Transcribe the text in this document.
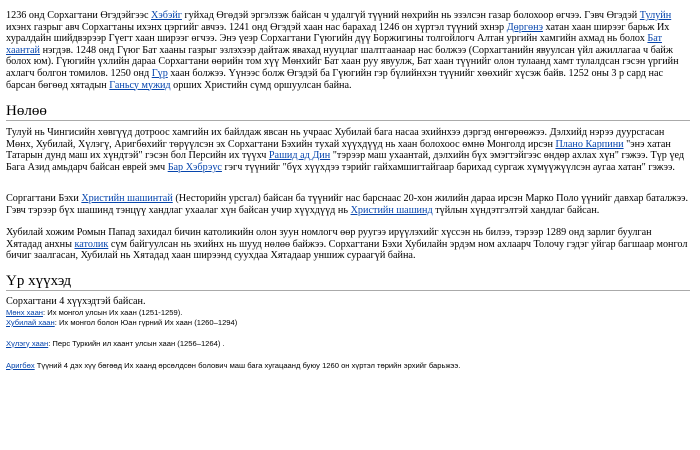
1236 онд Сорхагтани Өгэдэйгээс Хэбэйг гуйхад Өгөдэй эргэлзэж байсан ч удалгүй түүний нөхрийн нь эзэлсэн газар болохоор өгчээ. Гэвч Өгэдэй Тулуйн ихэнх газрыг авч Сорхагтаны ихэнх цэргийг авчээ. 1241 онд Өгэдэй хаан нас барахад 1246 он хүртэл түүний эхнэр Дөргөнэ хатан хаан ширээг барьж Их хуралдайн шийдвэрээр Гүегт хаан ширээг өгчээ. Энэ үеэр Сорхагтани Гүюгийн дүү Боржигины толгойлогч Алтан ургийн хамгийн ахмад нь болох Бат хаантай нэгдэв. 1248 онд Гүюг Бат хааны газрыг эзлэхээр дайтаж явахад нууцлаг шалтгаанаар нас болжээ (Сорхагтанийн явуулсан үйл ажиллагаа ч байж болох юм). Гүюгийн үхлийн дараа Сорхагтани өөрийн том хүү Мөнхийг Бат хаан руу явуулж, Бат хаан түүнийг олон тулаанд хамт тулалдсан гэсэн үргийн ахлагч болгон томилов. 1250 онд Гүр хаан болжээ. Үүнээс болж Өгэдэй ба Гүюгийн гэр бүлийнхэн түүнийг хөөхийг хүсэж байв. 1252 оны 3 р сард нас барсан бөгөөд хятадын Ганьсу мужид орших Христийн сүмд оршуулсан байна.

Нөлөө

Тулуй нь Чингисийн хөвгүүд дотроос хамгийн их байлдаж явсан нь учраас Хубилай бага насаа эхийнхээ дэргэд өнгөрөөжээ. Дэлхийд нэрээ дуурсгасан Мөнх, Хубилай, Хүлэгү, Аригбөхийг төрүүлсэн эх Сорхагтани Бэхийн тухай хүүхдүүд нь хаан болохоос өмнө Монголд ирсэн Плано Карпини "энэ хатан Татарын дунд маш их хүндтэй" гэсэн бол Персийн их түүхч Рашид ад Дин "тэрээр маш ухаантай, дэлхийн бүх эмэгтэйгээс өндөр ахлах хүн" гэжээ. Түр үед Бага Азид амьдарч байсан еврей эмч Бар Хэбрэус гэгч түүнийг "бүх хүүхдээ тэрийг гайхамшигтайгаар барихад сургаж хүмүүжүүлсэн аугаа хатан" гэжээ.

Соргагтани Бэхи Христийн шашинтай (Несторийн урсгал) байсан ба түүнийг нас барснаас 20-хон жилийн дараа ирсэн Марко Поло үүнийг давхар баталжээ. Гэвч тэрээр бүх шашинд тэнцүү хандлаг ухаалаг хүн байсан учир хүүхдүүд нь Христийн шашинд түйлын хүндэтгэлтэй хандлаг байсан.

Хубилай хожим Ромын Папад захидал бичин католикийн олон зуун номлогч өөр руугээ ирүүлэхийг хүссэн нь билээ, тэрээр 1289 онд зарлиг буулган Хятадад анхны католик сүм байгуулсан нь эхийнх нь шууд нөлөө байжээ. Сорхагтани Бэхи Хубилайн эрдэм ном ахлаарч Толочу гэдэг уйгар багшаар монгол бичиг заалгасан, Хубилай нь Хятадад хаан ширээнд суухдаа Хятадаар уншиж сураагүй байна.

Үр хүүхэд

Сорхагтани 4 хүүхэдтэй байсан.

Мөнх хаан: Их монгол улсын Их хаан (1251-1259).

Хубилай хаан: Их монгол болон Юан гүрний Их хаан (1260–1294)

Хүлэгү хаан: Перс Туркийн ил хаант улсын хаан (1256–1264) .

Аригбөх Түүний 4 дэх хүү бөгөөд Их хаанд өрсөлдсөн болович маш бага хугацаанд буюу 1260 он хүртэл төрийн эрхийг барьжээ.
